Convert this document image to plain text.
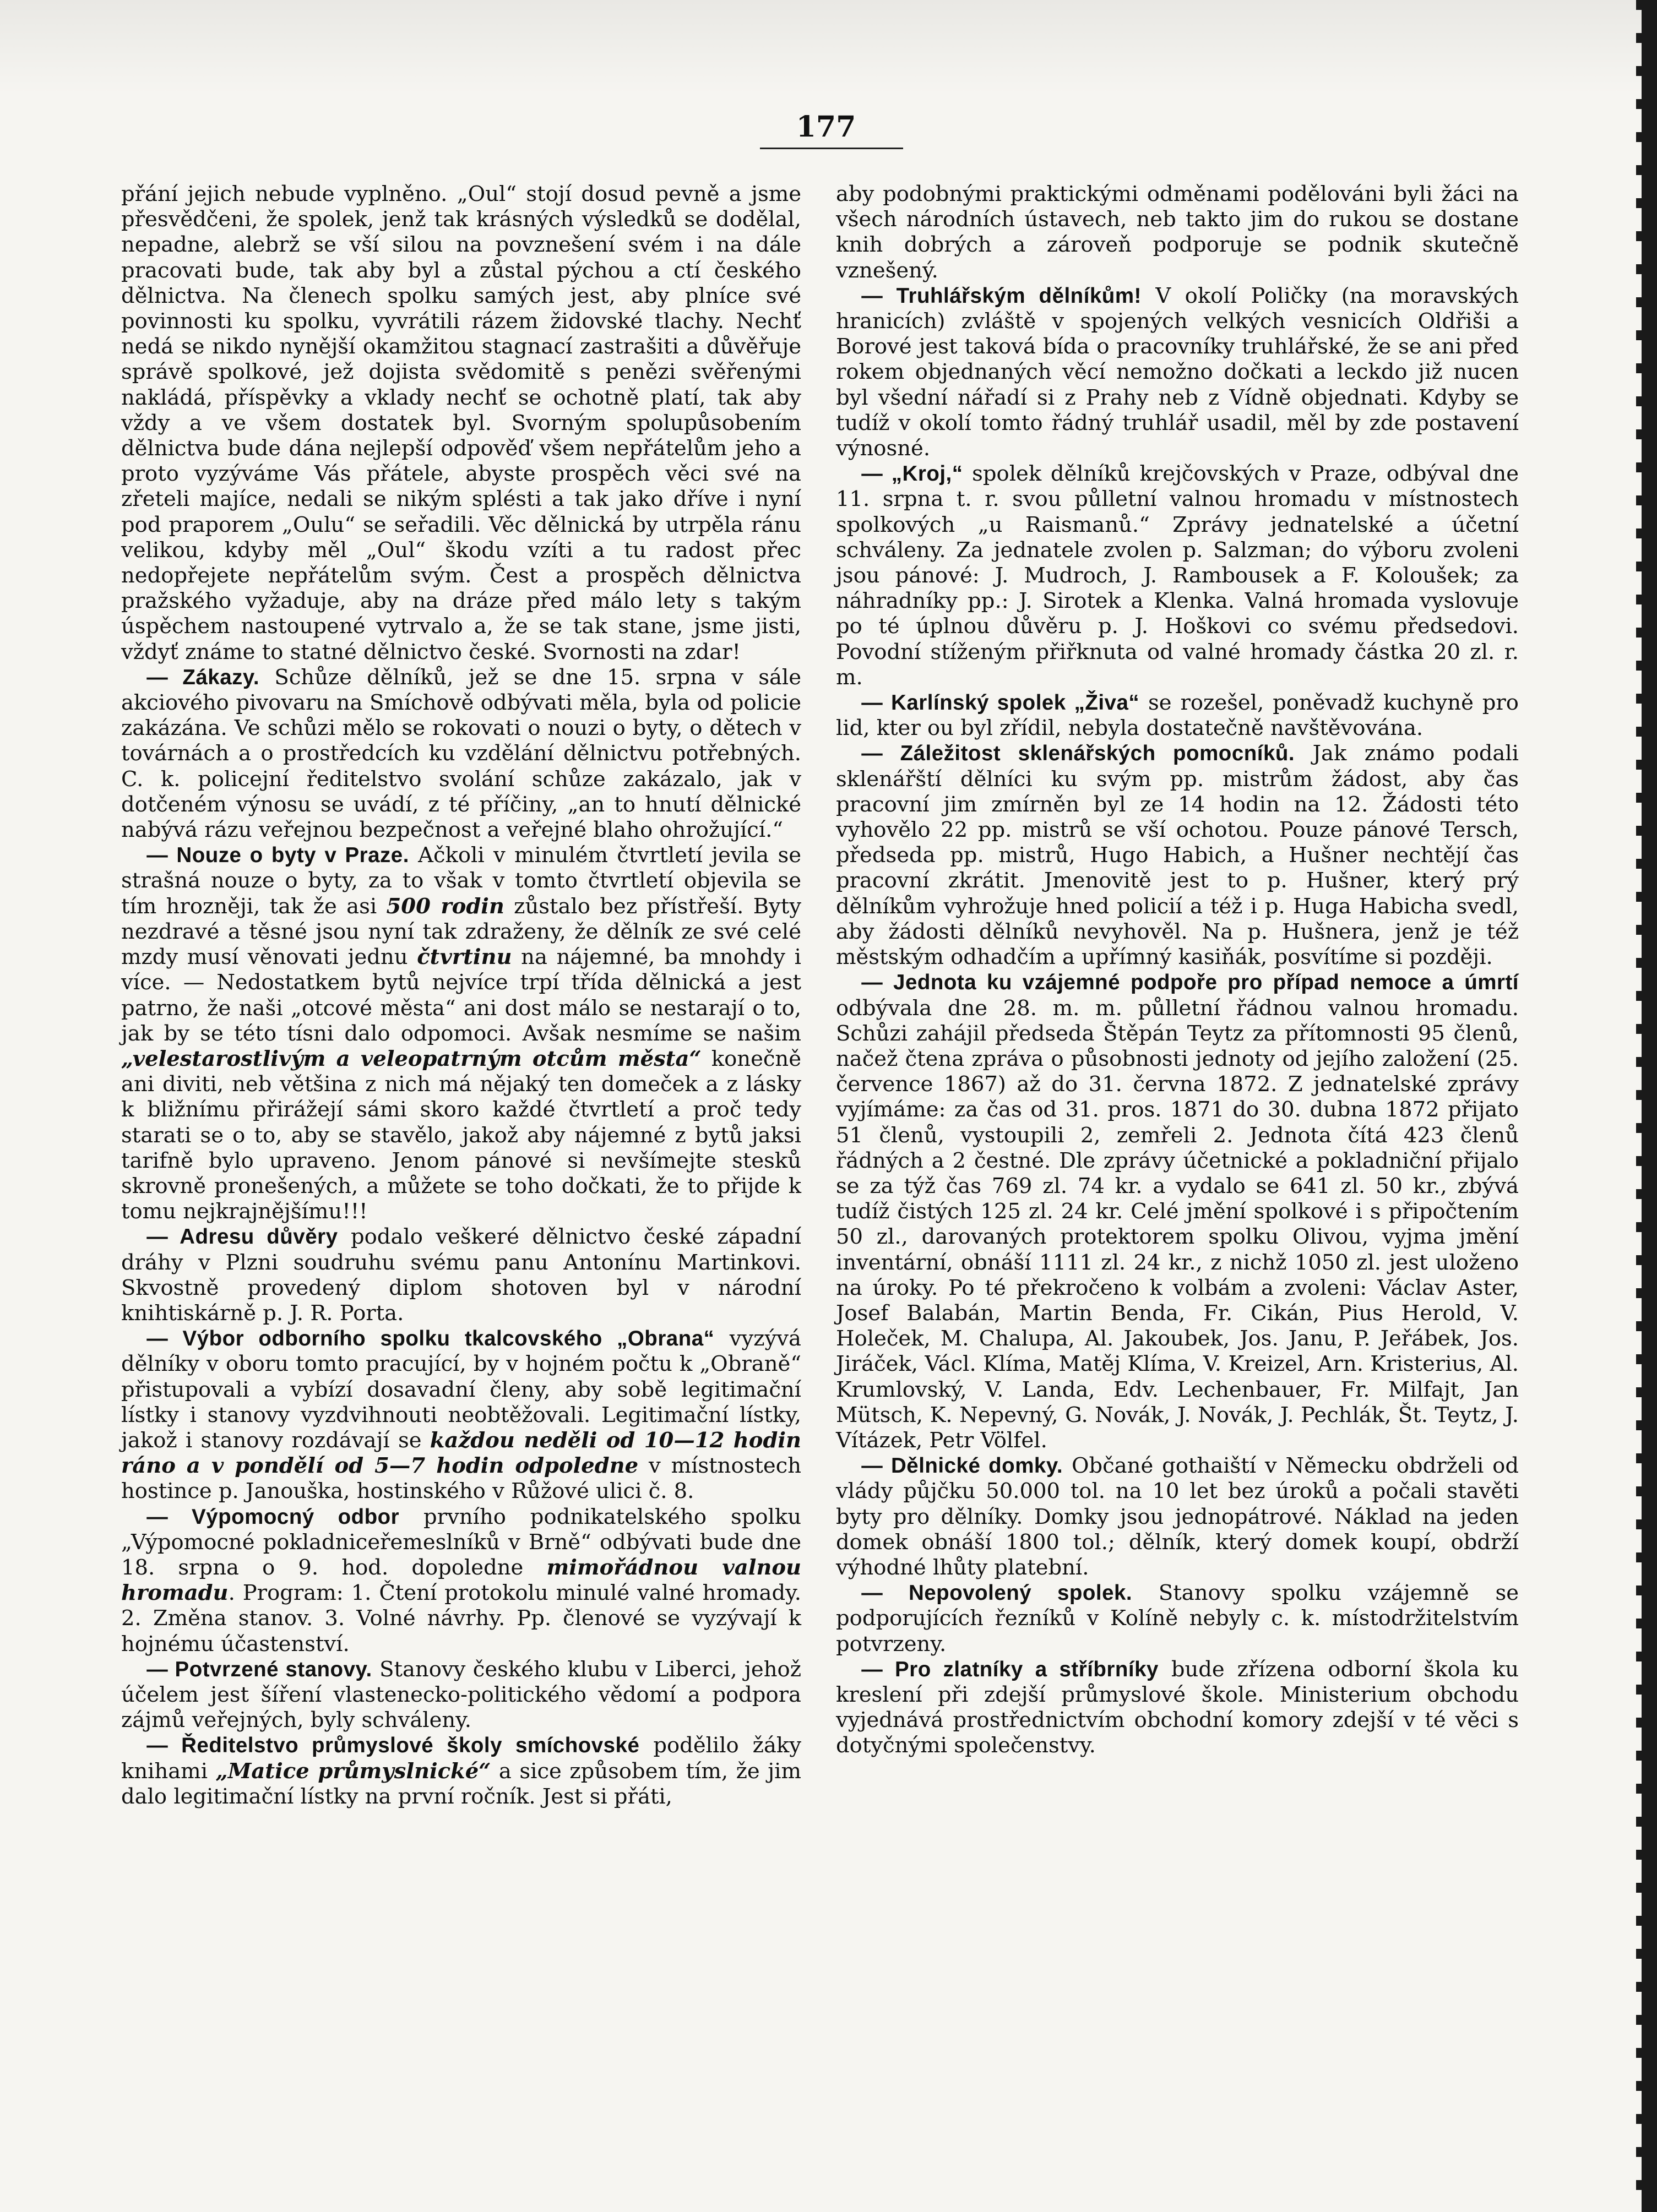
177

přání jejich nebude vyplněno. „Oul“ stojí dosud pevně a jsme přesvědčeni, že spolek, jenž tak krásných výsledků se dodělal, nepadne, alebrž se vší silou na povznešení svém i na dále pracovati bude, tak aby byl a zůstal pýchou a ctí českého dělnictva. Na členech spolku samých jest, aby plníce své povinnosti ku spolku, vyvrátili rázem židovské tlachy. Nechť nedá se nikdo nynější okamžitou stagnací zastrašiti a důvěřuje správě spolkové, jež dojista svědomitě s penězi svěřenými nakládá, příspěvky a vklady nechť se ochotně platí, tak aby vždy a ve všem dostatek byl. Svorným spolupůsobením dělnictva bude dána nejlepší odpověď všem nepřátelům jeho a proto vyzýváme Vás přátele, abyste prospěch věci své na zřeteli majíce, nedali se nikým splésti a tak jako dříve i nyní pod praporem „Oulu“ se seřadili. Věc dělnická by utrpěla ránu velikou, kdyby měl „Oul“ škodu vzíti a tu radost přec nedopřejete nepřátelům svým. Čest a prospěch dělnictva pražského vyžaduje, aby na dráze před málo lety s takým úspěchem nastoupené vytrvalo a, že se tak stane, jsme jisti, vždyť známe to statné dělnictvo české. Svornosti na zdar!

— Zákazy. Schůze dělníků, jež se dne 15. srpna v sále akciového pivovaru na Smíchově odbývati měla, byla od policie zakázána. Ve schůzi mělo se rokovati o nouzi o byty, o dětech v továrnách a o prostředcích ku vzdělání dělnictvu potřebných. C. k. policejní ředitelstvo svolání schůze zakázalo, jak v dotčeném výnosu se uvádí, z té příčiny, „an to hnutí dělnické nabývá rázu veřejnou bezpečnost a veřejné blaho ohrožující.“

— Nouze o byty v Praze. Ačkoli v minulém čtvrtletí jevila se strašná nouze o byty, za to však v tomto čtvrtletí objevila se tím hrozněji, tak že asi 500 rodin zůstalo bez přístřeší. Byty nezdravé a těsné jsou nyní tak zdraženy, že dělník ze své celé mzdy musí věnovati jednu čtvrtinu na nájemné, ba mnohdy i více. — Nedostatkem bytů nejvíce trpí třída dělnická a jest patrno, že naši „otcové města“ ani dost málo se nestarají o to, jak by se této tísni dalo odpomoci. Avšak nesmíme se našim „velestarostlivým a veleopatrným otcům města“ konečně ani diviti, neb většina z nich má nějaký ten domeček a z lásky k bližnímu přirážejí sámi skoro každé čtvrtletí a proč tedy starati se o to, aby se stavělo, jakož aby nájemné z bytů jaksi tarifně bylo upraveno. Jenom pánové si nevšímejte stesků skrovně pronešených, a můžete se toho dočkati, že to přijde k tomu nejkrajnějšímu!!!

— Adresu důvěry podalo veškeré dělnictvo české západní dráhy v Plzni soudruhu svému panu Antonínu Martinkovi. Skvostně provedený diplom shotoven byl v národní knihtiskárně p. J. R. Porta.

— Výbor odborního spolku tkalcovského „Obrana“ vyzývá dělníky v oboru tomto pracující, by v hojném počtu k „Obraně“ přistupovali a vybízí dosavadní členy, aby sobě legitimační lístky i stanovy vyzdvihnouti neobtěžovali. Legitimační lístky, jakož i stanovy rozdávají se každou neděli od 10—12 hodin ráno a v pondělí od 5—7 hodin odpoledne v místnostech hostince p. Janouška, hostinského v Růžové ulici č. 8.

— Výpomocný odbor prvního podnikatelského spolku „Výpomocné pokladniceřemeslníků v Brně“ odbývati bude dne 18. srpna o 9. hod. dopoledne mimořádnou valnou hromadu. Program: 1. Čtení protokolu minulé valné hromady. 2. Změna stanov. 3. Volné návrhy. Pp. členové se vyzývají k hojnému účastenství.

— Potvrzené stanovy. Stanovy českého klubu v Liberci, jehož účelem jest šíření vlastenecko-politického vědomí a podpora zájmů veřejných, byly schváleny.

— Ředitelstvo průmyslové školy smíchovské podělilo žáky knihami „Matice průmyslnické“ a sice způsobem tím, že jim dalo legitimační lístky na první ročník. Jest si přáti,

aby podobnými praktickými odměnami podělováni byli žáci na všech národních ústavech, neb takto jim do rukou se dostane knih dobrých a zároveň podporuje se podnik skutečně vznešený.

— Truhlářským dělníkům! V okolí Poličky (na moravských hranicích) zvláště v spojených velkých vesnicích Oldřiši a Borové jest taková bída o pracovníky truhlářské, že se ani před rokem objednaných věcí nemožno dočkati a leckdo již nucen byl všední nářadí si z Prahy neb z Vídně objednati. Kdyby se tudíž v okolí tomto řádný truhlář usadil, měl by zde postavení výnosné.

— „Kroj,“ spolek dělníků krejčovských v Praze, odbýval dne 11. srpna t. r. svou půlletní valnou hromadu v místnostech spolkových „u Raismanů.“ Zprávy jednatelské a účetní schváleny. Za jednatele zvolen p. Salzman; do výboru zvoleni jsou pánové: J. Mudroch, J. Rambousek a F. Koloušek; za náhradníky pp.: J. Sirotek a Klenka. Valná hromada vyslovuje po té úplnou důvěru p. J. Hoškovi co svému předsedovi. Povodní stíženým přiřknuta od valné hromady částka 20 zl. r. m.

— Karlínský spolek „Živa“ se rozešel, poněvadž kuchyně pro lid, kter ou byl zřídil, nebyla dostatečně navštěvována.

— Záležitost sklenářských pomocníků. Jak známo podali sklenářští dělníci ku svým pp. mistrům žádost, aby čas pracovní jim zmírněn byl ze 14 hodin na 12. Žádosti této vyhovělo 22 pp. mistrů se vší ochotou. Pouze pánové Tersch, předseda pp. mistrů, Hugo Habich, a Hušner nechtějí čas pracovní zkrátit. Jmenovitě jest to p. Hušner, který prý dělníkům vyhrožuje hned policií a též i p. Huga Habicha svedl, aby žádosti dělníků nevyhověl. Na p. Hušnera, jenž je též městským odhadčím a upřímný kasiňák, posvítíme si později.

— Jednota ku vzájemné podpoře pro případ nemoce a úmrtí odbývala dne 28. m. m. půlletní řádnou valnou hromadu. Schůzi zahájil předseda Štěpán Teytz za přítomnosti 95 členů, načež čtena zpráva o působnosti jednoty od jejího založení (25. července 1867) až do 31. června 1872. Z jednatelské zprávy vyjímáme: za čas od 31. pros. 1871 do 30. dubna 1872 přijato 51 členů, vystoupili 2, zemřeli 2. Jednota čítá 423 členů řádných a 2 čestné. Dle zprávy účetnické a pokladniční přijalo se za týž čas 769 zl. 74 kr. a vydalo se 641 zl. 50 kr., zbývá tudíž čistých 125 zl. 24 kr. Celé jmění spolkové i s připočtením 50 zl., darovaných protektorem spolku Olivou, vyjma jmění inventární, obnáší 1111 zl. 24 kr., z nichž 1050 zl. jest uloženo na úroky. Po té překročeno k volbám a zvoleni: Václav Aster, Josef Balabán, Martin Benda, Fr. Cikán, Pius Herold, V. Holeček, M. Chalupa, Al. Jakoubek, Jos. Janu, P. Jeřábek, Jos. Jiráček, Václ. Klíma, Matěj Klíma, V. Kreizel, Arn. Kristerius, Al. Krumlovský, V. Landa, Edv. Lechenbauer, Fr. Milfajt, Jan Mütsch, K. Nepevný, G. Novák, J. Novák, J. Pechlák, Št. Teytz, J. Vítázek, Petr Völfel.

— Dělnické domky. Občané gothaiští v Německu obdrželi od vlády půjčku 50.000 tol. na 10 let bez úroků a počali stavěti byty pro dělníky. Domky jsou jednopátrové. Náklad na jeden domek obnáší 1800 tol.; dělník, který domek koupí, obdrží výhodné lhůty platební.

— Nepovolený spolek. Stanovy spolku vzájemně se podporujících řezníků v Kolíně nebyly c. k. místodržitelstvím potvrzeny.

— Pro zlatníky a stříbrníky bude zřízena odborní škola ku kreslení při zdejší průmyslové škole. Ministerium obchodu vyjednává prostřednictvím obchodní komory zdejší v té věci s dotyčnými společenstvy.
